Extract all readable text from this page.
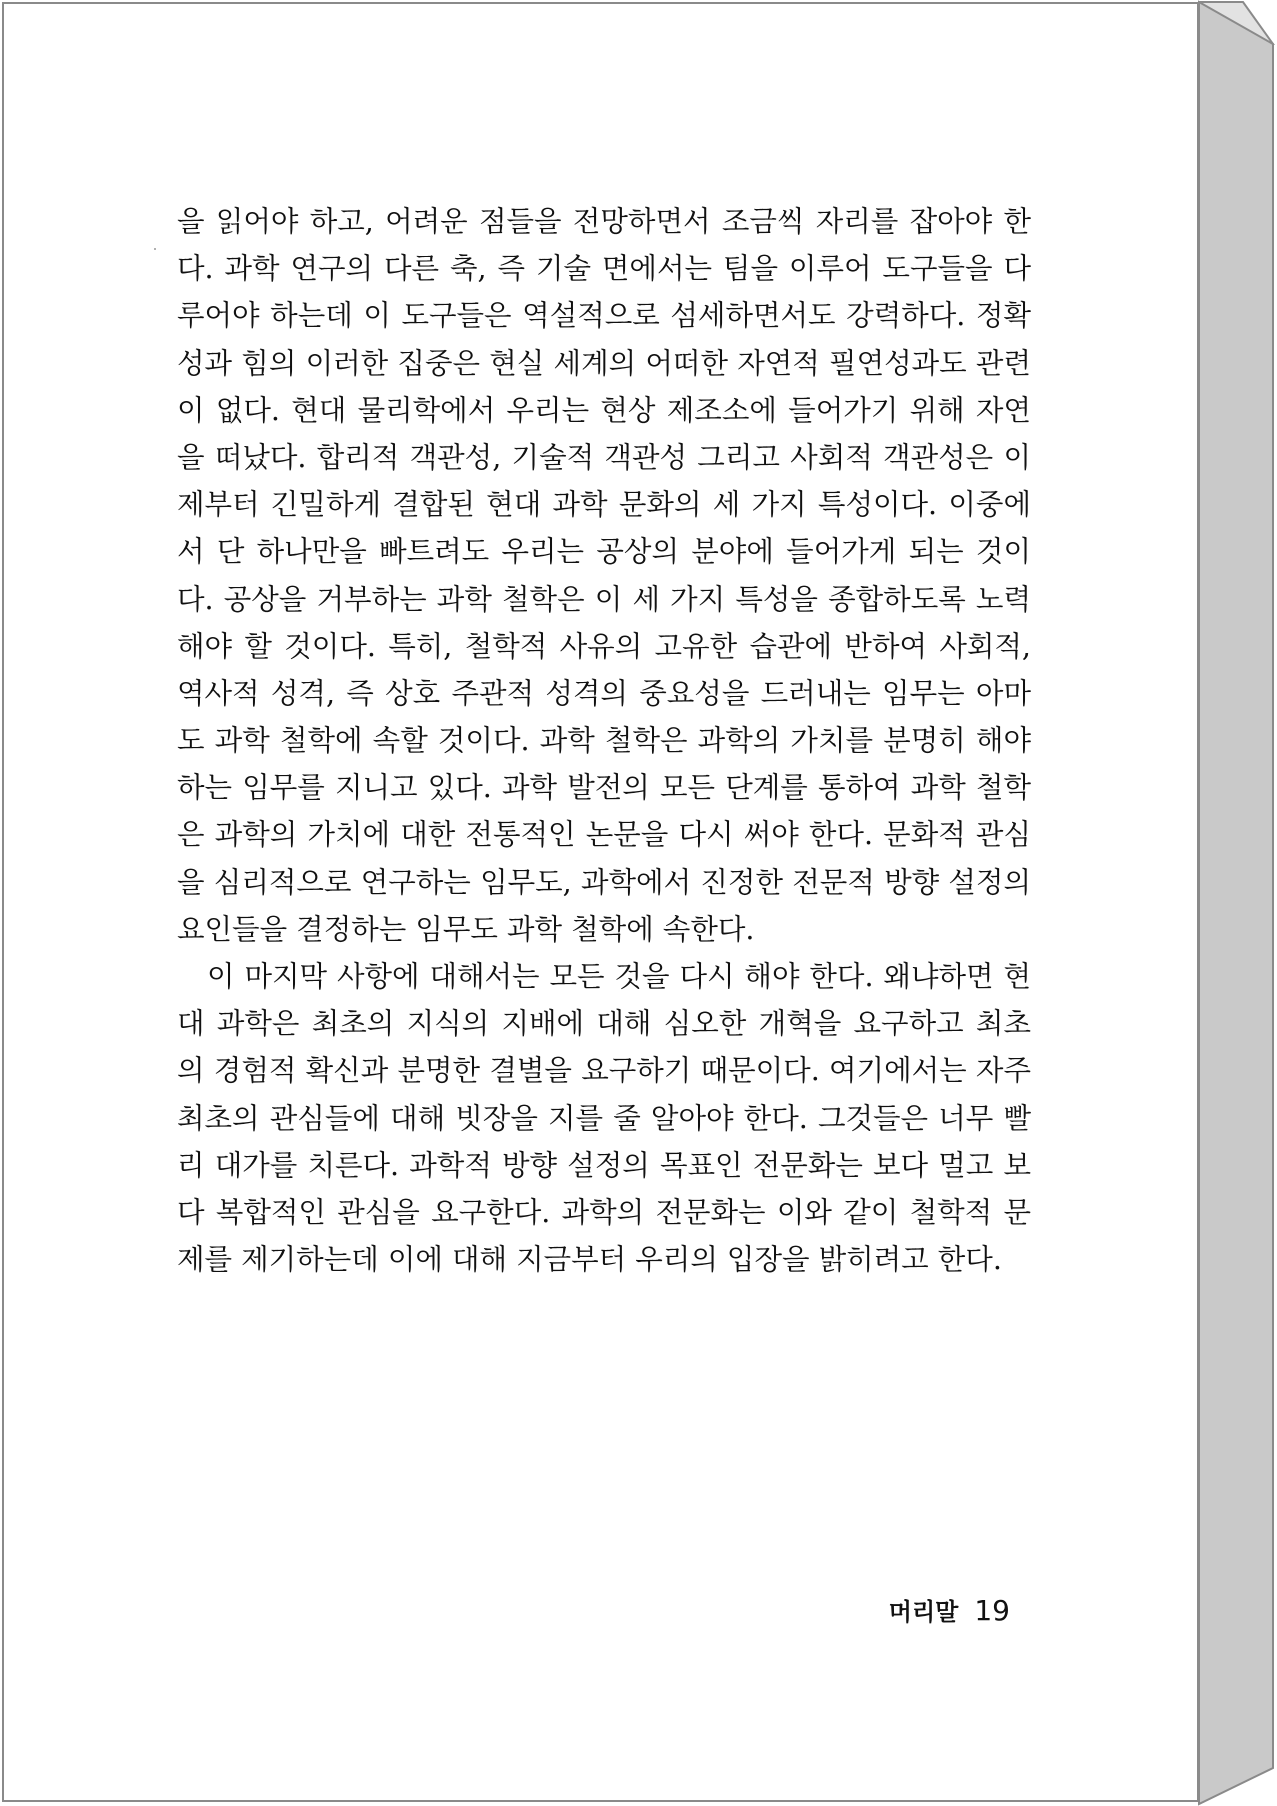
을 읽어야 하고, 어려운 점들을 전망하면서 조금씩 자리를 잡아야 한
다. 과학 연구의 다른 축, 즉 기술 면에서는 팀을 이루어 도구들을 다
루어야 하는데 이 도구들은 역설적으로 섬세하면서도 강력하다. 정확
성과 힘의 이러한 집중은 현실 세계의 어떠한 자연적 필연성과도 관련
이 없다. 현대 물리학에서 우리는 현상 제조소에 들어가기 위해 자연
을 떠났다. 합리적 객관성, 기술적 객관성 그리고 사회적 객관성은 이
제부터 긴밀하게 결합된 현대 과학 문화의 세 가지 특성이다. 이중에
서 단 하나만을 빠트려도 우리는 공상의 분야에 들어가게 되는 것이
다. 공상을 거부하는 과학 철학은 이 세 가지 특성을 종합하도록 노력
해야 할 것이다. 특히, 철학적 사유의 고유한 습관에 반하여 사회적,
역사적 성격, 즉 상호 주관적 성격의 중요성을 드러내는 임무는 아마
도 과학 철학에 속할 것이다. 과학 철학은 과학의 가치를 분명히 해야
하는 임무를 지니고 있다. 과학 발전의 모든 단계를 통하여 과학 철학
은 과학의 가치에 대한 전통적인 논문을 다시 써야 한다. 문화적 관심
을 심리적으로 연구하는 임무도, 과학에서 진정한 전문적 방향 설정의
요인들을 결정하는 임무도 과학 철학에 속한다.
이 마지막 사항에 대해서는 모든 것을 다시 해야 한다. 왜냐하면 현
대 과학은 최초의 지식의 지배에 대해 심오한 개혁을 요구하고 최초
의 경험적 확신과 분명한 결별을 요구하기 때문이다. 여기에서는 자주
최초의 관심들에 대해 빗장을 지를 줄 알아야 한다. 그것들은 너무 빨
리 대가를 치른다. 과학적 방향 설정의 목표인 전문화는 보다 멀고 보
다 복합적인 관심을 요구한다. 과학의 전문화는 이와 같이 철학적 문
제를 제기하는데 이에 대해 지금부터 우리의 입장을 밝히려고 한다.
머리말 19
